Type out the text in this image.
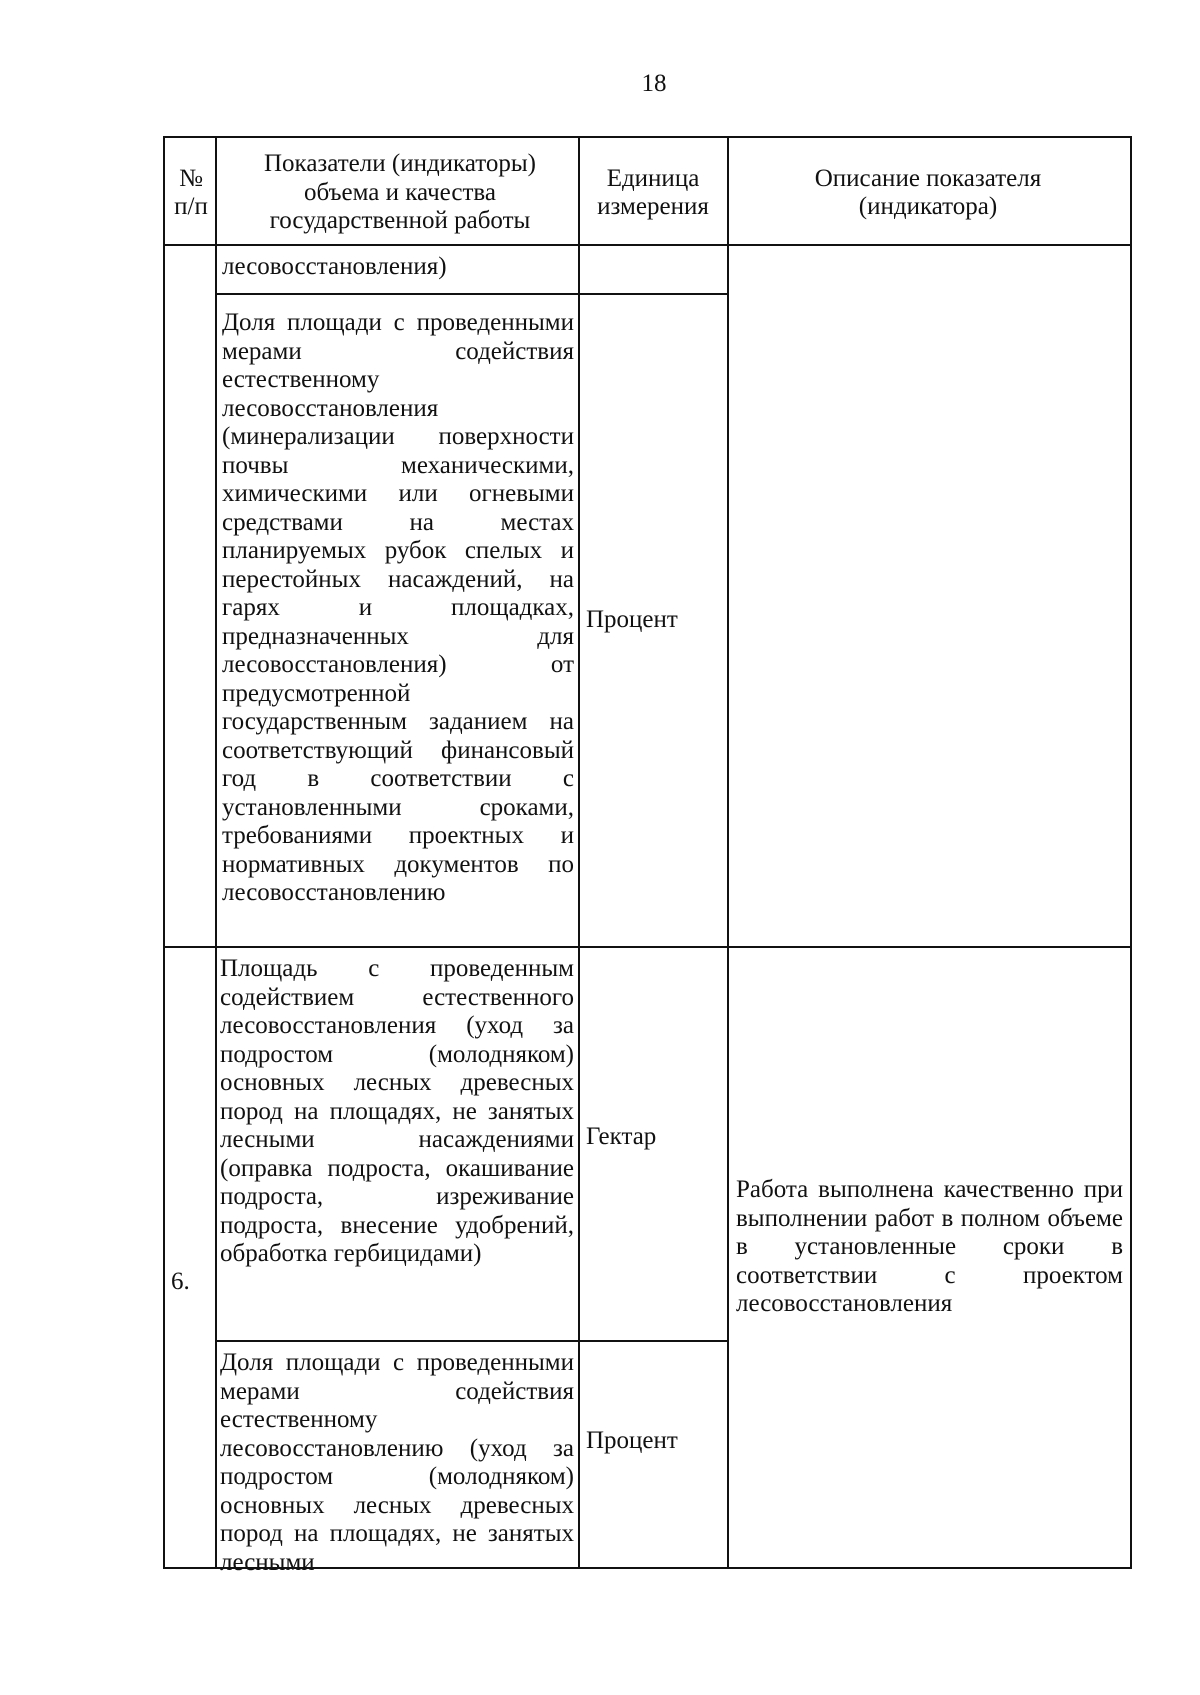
18
№ п/п
Показатели (индикаторы) объема и качества государственной работы
Единица измерения
Описание показателя (индикатора)
лесовосстановления)
Доля площади с проведенными мерами содействия естественному лесовосстановления (минерализации поверхности почвы механическими, химическими или огневыми средствами на местах планируемых рубок спелых и перестойных насаждений, на гарях и площадках, предназначенных для лесовосстановления) от предусмотренной государственным заданием на соответствующий финансовый год в соответствии с установленными сроками, требованиями проектных и нормативных документов по лесовосстановлению
Процент
6.
Площадь с проведенным содействием естественного лесовосстановления (уход за подростом (молодняком) основных лесных древесных пород на площадях, не занятых лесными насаждениями (оправка подроста, окашивание подроста, изреживание подроста, внесение удобрений, обработка гербицидами)
Гектар
Доля площади с проведенными мерами содействия естественному лесовосстановлению (уход за подростом (молодняком) основных лесных древесных пород на площадях, не занятых лесными
Процент
Работа выполнена качественно при выполнении работ в полном объеме в установленные сроки в соответствии с проектом лесовосстановления
